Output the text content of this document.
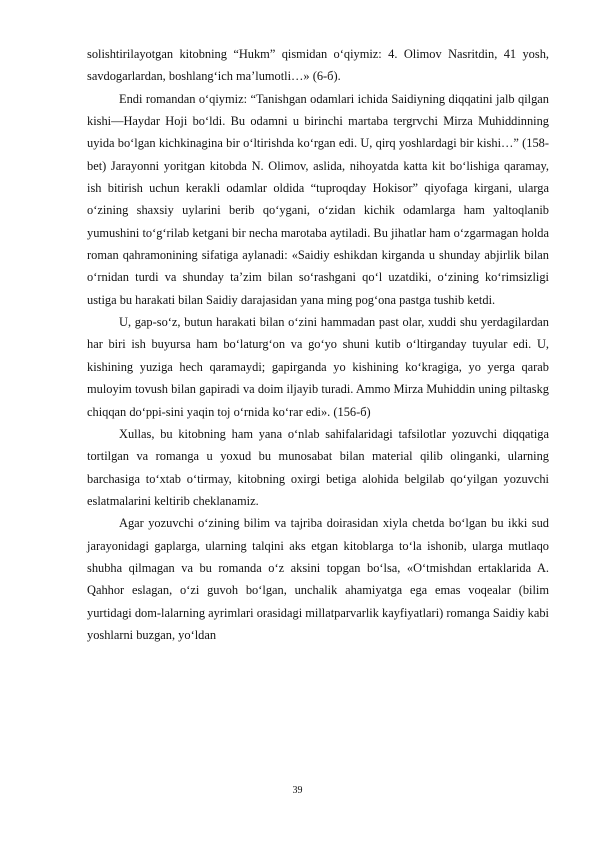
solishtirilayotgan kitobning “Hukm” qismidan o‘qiymiz: 4. Olimov Nasritdin, 41 yosh, savdogarlardan, boshlang‘ich ma’lumotli…» (6-б).

Endi romandan o‘qiymiz: “Tanishgan odamlari ichida Saidiyning diqqatini jalb qilgan kishi—Haydar Hoji bo‘ldi. Bu odamni u birinchi martaba tergrvchi Mirza Muhiddinning uyida bo‘lgan kichkinagina bir o‘ltirishda ko‘rgan edi. U, qirq yoshlardagi bir kishi…” (158-bet) Jarayonni yoritgan kitobda N. Olimov, aslida, nihoyatda katta kit bo‘lishiga qaramay, ish bitirish uchun kerakli odamlar oldida “tuproqday Hokisor” qiyofaga kirgani, ularga o‘zining shaxsiy uylarini berib qo‘ygani, o‘zidan kichik odamlarga ham yaltoqlanib yumushini to‘g‘rilab ketgani bir necha marotaba aytiladi. Bu jihatlar ham o‘zgarmagan holda roman qahramonining sifatiga aylanadi: «Saidiy eshikdan kirganda u shunday abjirlik bilan o‘rnidan turdi va shunday ta’zim bilan so‘rashgani qo‘l uzatdiki, o‘zining ko‘rimsizligi ustiga bu harakati bilan Saidiy darajasidan yana ming pog‘ona pastga tushib ketdi.

U, gap-so‘z, butun harakati bilan o‘zini hammadan past olar, xuddi shu yerdagilardan har biri ish buyursa ham bo‘laturg‘on va go‘yo shuni kutib o‘ltirganday tuyular edi. U, kishining yuziga hech qaramaydi; gapirganda yo kishining ko‘kragiga, yo yerga qarab muloyim tovush bilan gapiradi va doim iljayib turadi. Ammo Mirza Muhiddin uning piltaskg chiqqan do‘ppi-sini yaqin toj o‘rnida ko‘rar edi». (156-б)

Xullas, bu kitobning ham yana o‘nlab sahifalaridagi tafsilotlar yozuvchi diqqatiga tortilgan va romanga u yoxud bu munosabat bilan material qilib olinganki, ularning barchasiga to‘xtab o‘tirmay, kitobning oxirgi betiga alohida belgilab qo‘yilgan yozuvchi eslatmalarini keltirib cheklanamiz.

Agar yozuvchi o‘zining bilim va tajriba doirasidan xiyla chetda bo‘lgan bu ikki sud jarayonidagi gaplarga, ularning talqini aks etgan kitoblarga to‘la ishonib, ularga mutlaqo shubha qilmagan va bu romanda o‘z aksini topgan bo‘lsa, «O‘tmishdan ertaklarida A. Qahhor eslagan, o‘zi guvoh bo‘lgan, unchalik ahamiyatga ega emas voqealar (bilim yurtidagi dom-lalarning ayrimlari orasidagi millatparvarlik kayfiyatlari) romanga Saidiy kabi yoshlarni buzgan, yo‘ldan

39
